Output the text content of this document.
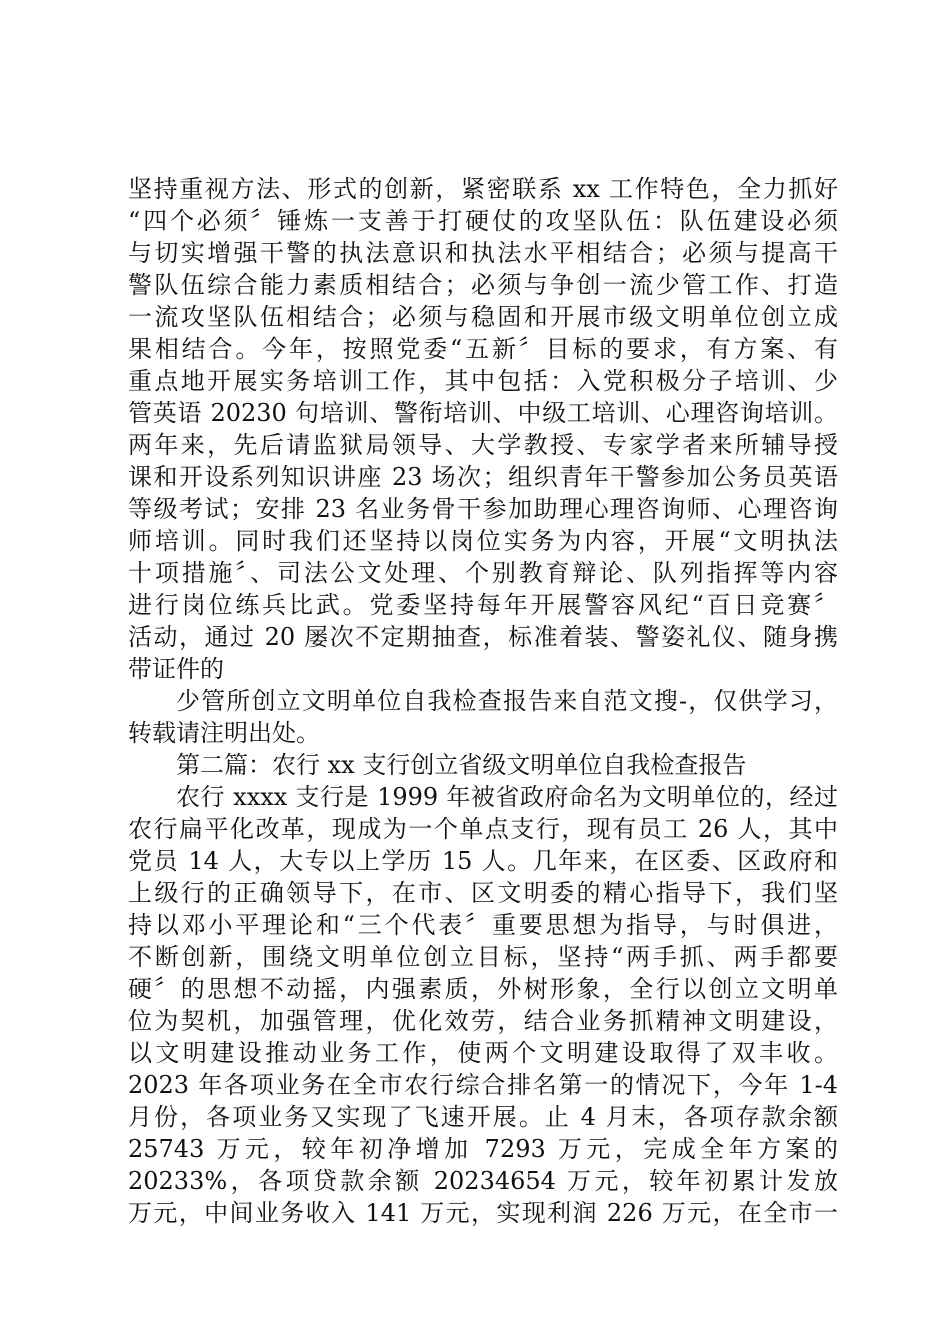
坚持重视方法、形式的创新，紧密联系 xx 工作特色，全力抓好
“四个必须〞锤炼一支善于打硬仗的攻坚队伍：队伍建设必须
与切实增强干警的执法意识和执法水平相结合；必须与提高干
警队伍综合能力素质相结合；必须与争创一流少管工作、打造
一流攻坚队伍相结合；必须与稳固和开展市级文明单位创立成
果相结合。今年，按照党委“五新〞目标的要求，有方案、有
重点地开展实务培训工作，其中包括：入党积极分子培训、少
管英语 20230 句培训、警衔培训、中级工培训、心理咨询培训。
两年来，先后请监狱局领导、大学教授、专家学者来所辅导授
课和开设系列知识讲座 23 场次；组织青年干警参加公务员英语
等级考试；安排 23 名业务骨干参加助理心理咨询师、心理咨询
师培训。同时我们还坚持以岗位实务为内容，开展“文明执法
十项措施〞、司法公文处理、个别教育辩论、队列指挥等内容
进行岗位练兵比武。党委坚持每年开展警容风纪“百日竞赛〞
活动，通过 20 屡次不定期抽查，标准着装、警姿礼仪、随身携
带证件的
少管所创立文明单位自我检查报告来自范文搜-，仅供学习，
转载请注明出处。
第二篇：农行 xx 支行创立省级文明单位自我检查报告
农行 xxxx 支行是 1999 年被省政府命名为文明单位的，经过
农行扁平化改革，现成为一个单点支行，现有员工 26 人，其中
党员 14 人，大专以上学历 15 人。几年来，在区委、区政府和
上级行的正确领导下，在市、区文明委的精心指导下，我们坚
持以邓小平理论和“三个代表〞重要思想为指导，与时俱进，
不断创新，围绕文明单位创立目标，坚持“两手抓、两手都要
硬〞的思想不动摇，内强素质，外树形象，全行以创立文明单
位为契机，加强管理，优化效劳，结合业务抓精神文明建设，
以文明建设推动业务工作，使两个文明建设取得了双丰收。
2023 年各项业务在全市农行综合排名第一的情况下，今年 1-4
月份，各项业务又实现了飞速开展。止 4 月末，各项存款余额
25743 万元，较年初净增加 7293 万元，完成全年方案的
20233%，各项贷款余额 20234654 万元，较年初累计发放
万元，中间业务收入 141 万元，实现利润 226 万元，在全市一
